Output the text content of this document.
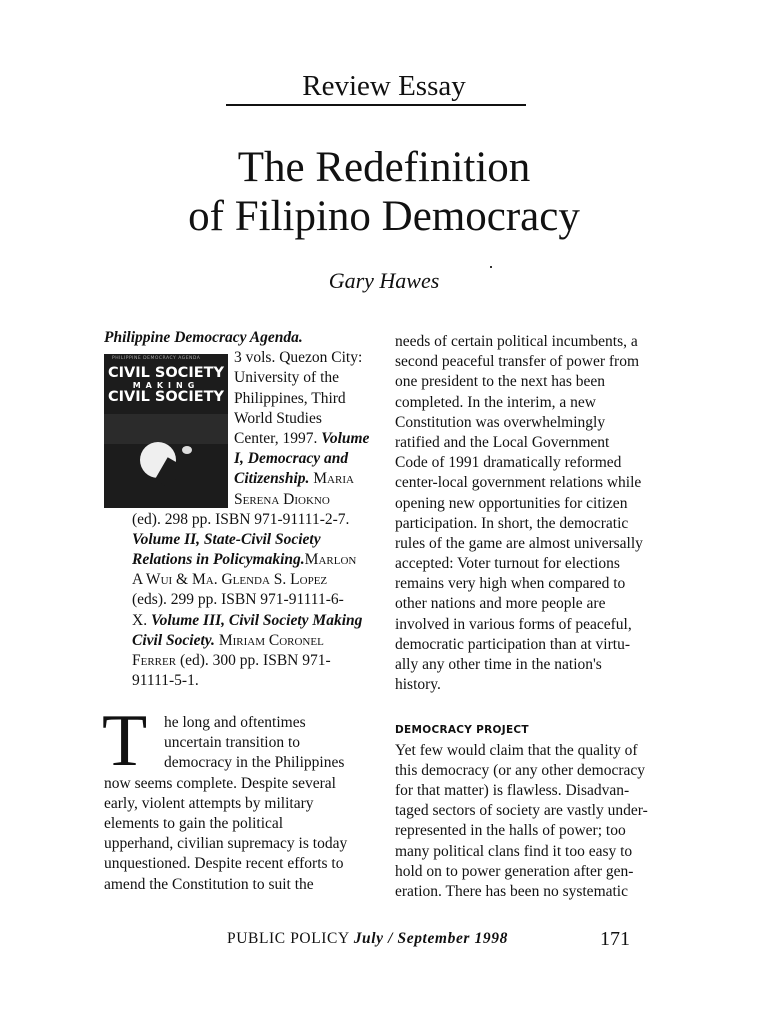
Review Essay
The Redefinition
of Filipino Democracy
Gary Hawes
PHILIPPINE DEMOCRACY AGENDA
CIVIL SOCIETY
MAKING
CIVIL SOCIETY
Philippine Democracy Agenda.
3 vols. Quezon City:
University of the
Philippines, Third
World Studies
Center, 1997. Volume
I, Democracy and
Citizenship. Maria
Serena Diokno
(ed). 298 pp. ISBN 971-91111-2-7.
Volume II, State-Civil Society
Relations in Policymaking.Marlon
A Wui & Ma. Glenda S. Lopez
(eds). 299 pp. ISBN 971-91111-6-
X. Volume III, Civil Society Making
Civil Society. Miriam Coronel
Ferrer (ed). 300 pp. ISBN 971-
91111-5-1.
T	he long and oftentimes
uncertain transition to
democracy in the Philippines
now seems complete. Despite several
early, violent attempts by military
elements to gain the political
upperhand, civilian supremacy is today
unquestioned. Despite recent efforts to
amend the Constitution to suit the
needs of certain political incumbents, a
second peaceful transfer of power from
one president to the next has been
completed. In the interim, a new
Constitution was overwhelmingly
ratified and the Local Government
Code of 1991 dramatically reformed
center-local government relations while
opening new opportunities for citizen
participation. In short, the democratic
rules of the game are almost universally
accepted: Voter turnout for elections
remains very high when compared to
other nations and more people are
involved in various forms of peaceful,
democratic participation than at virtu-
ally any other time in the nation's
history.
DEMOCRACY PROJECT
Yet few would claim that the quality of
this democracy (or any other democracy
for that matter) is flawless. Disadvan-
taged sectors of society are vastly under-
represented in the halls of power; too
many political clans find it too easy to
hold on to power generation after gen-
eration. There has been no systematic
PUBLIC POLICY July / September 1998	171
